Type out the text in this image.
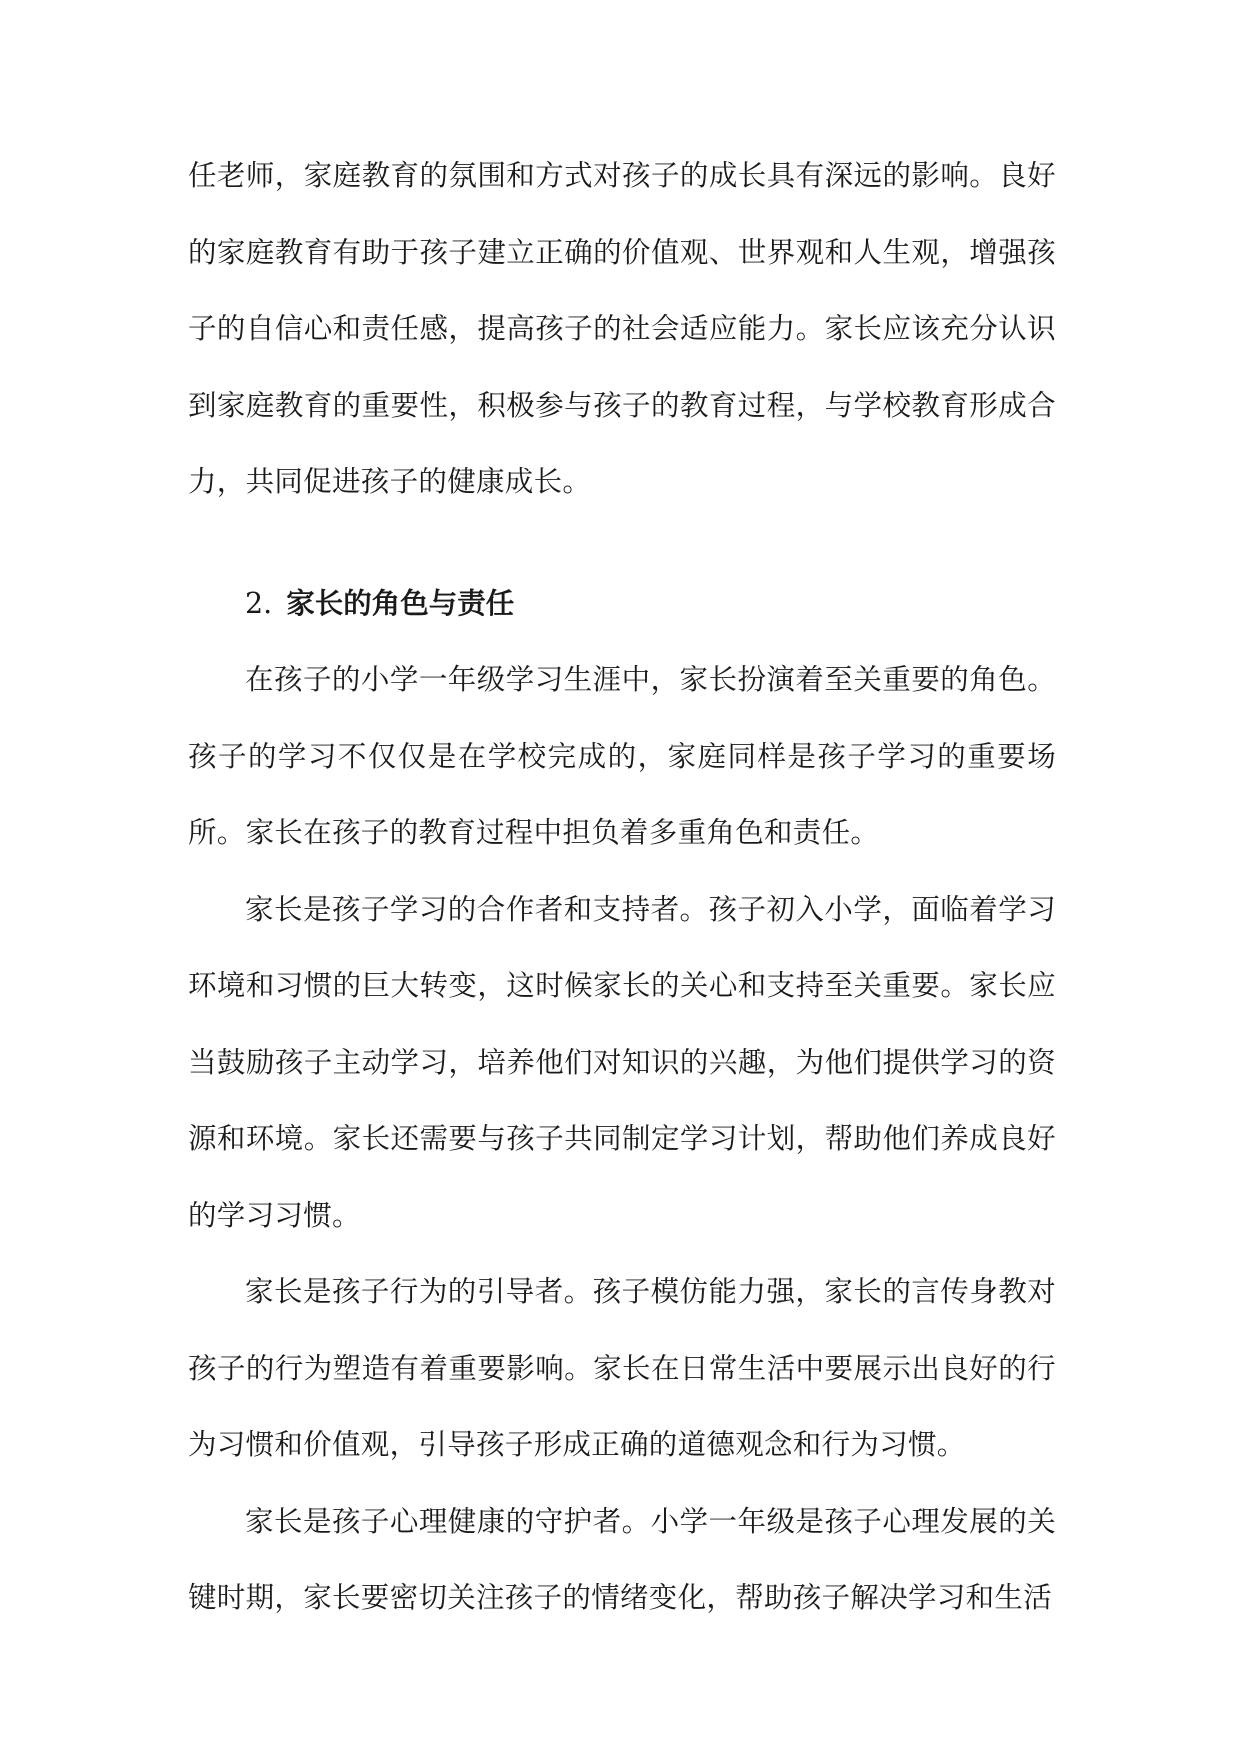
任老师，家庭教育的氛围和方式对孩子的成长具有深远的影响。良好的家庭教育有助于孩子建立正确的价值观、世界观和人生观，增强孩子的自信心和责任感，提高孩子的社会适应能力。家长应该充分认识到家庭教育的重要性，积极参与孩子的教育过程，与学校教育形成合力，共同促进孩子的健康成长。

2. 家长的角色与责任

在孩子的小学一年级学习生涯中，家长扮演着至关重要的角色。孩子的学习不仅仅是在学校完成的，家庭同样是孩子学习的重要场所。家长在孩子的教育过程中担负着多重角色和责任。

家长是孩子学习的合作者和支持者。孩子初入小学，面临着学习环境和习惯的巨大转变，这时候家长的关心和支持至关重要。家长应当鼓励孩子主动学习，培养他们对知识的兴趣，为他们提供学习的资源和环境。家长还需要与孩子共同制定学习计划，帮助他们养成良好的学习习惯。

家长是孩子行为的引导者。孩子模仿能力强，家长的言传身教对孩子的行为塑造有着重要影响。家长在日常生活中要展示出良好的行为习惯和价值观，引导孩子形成正确的道德观念和行为习惯。

家长是孩子心理健康的守护者。小学一年级是孩子心理发展的关键时期，家长要密切关注孩子的情绪变化，帮助孩子解决学习和生活
